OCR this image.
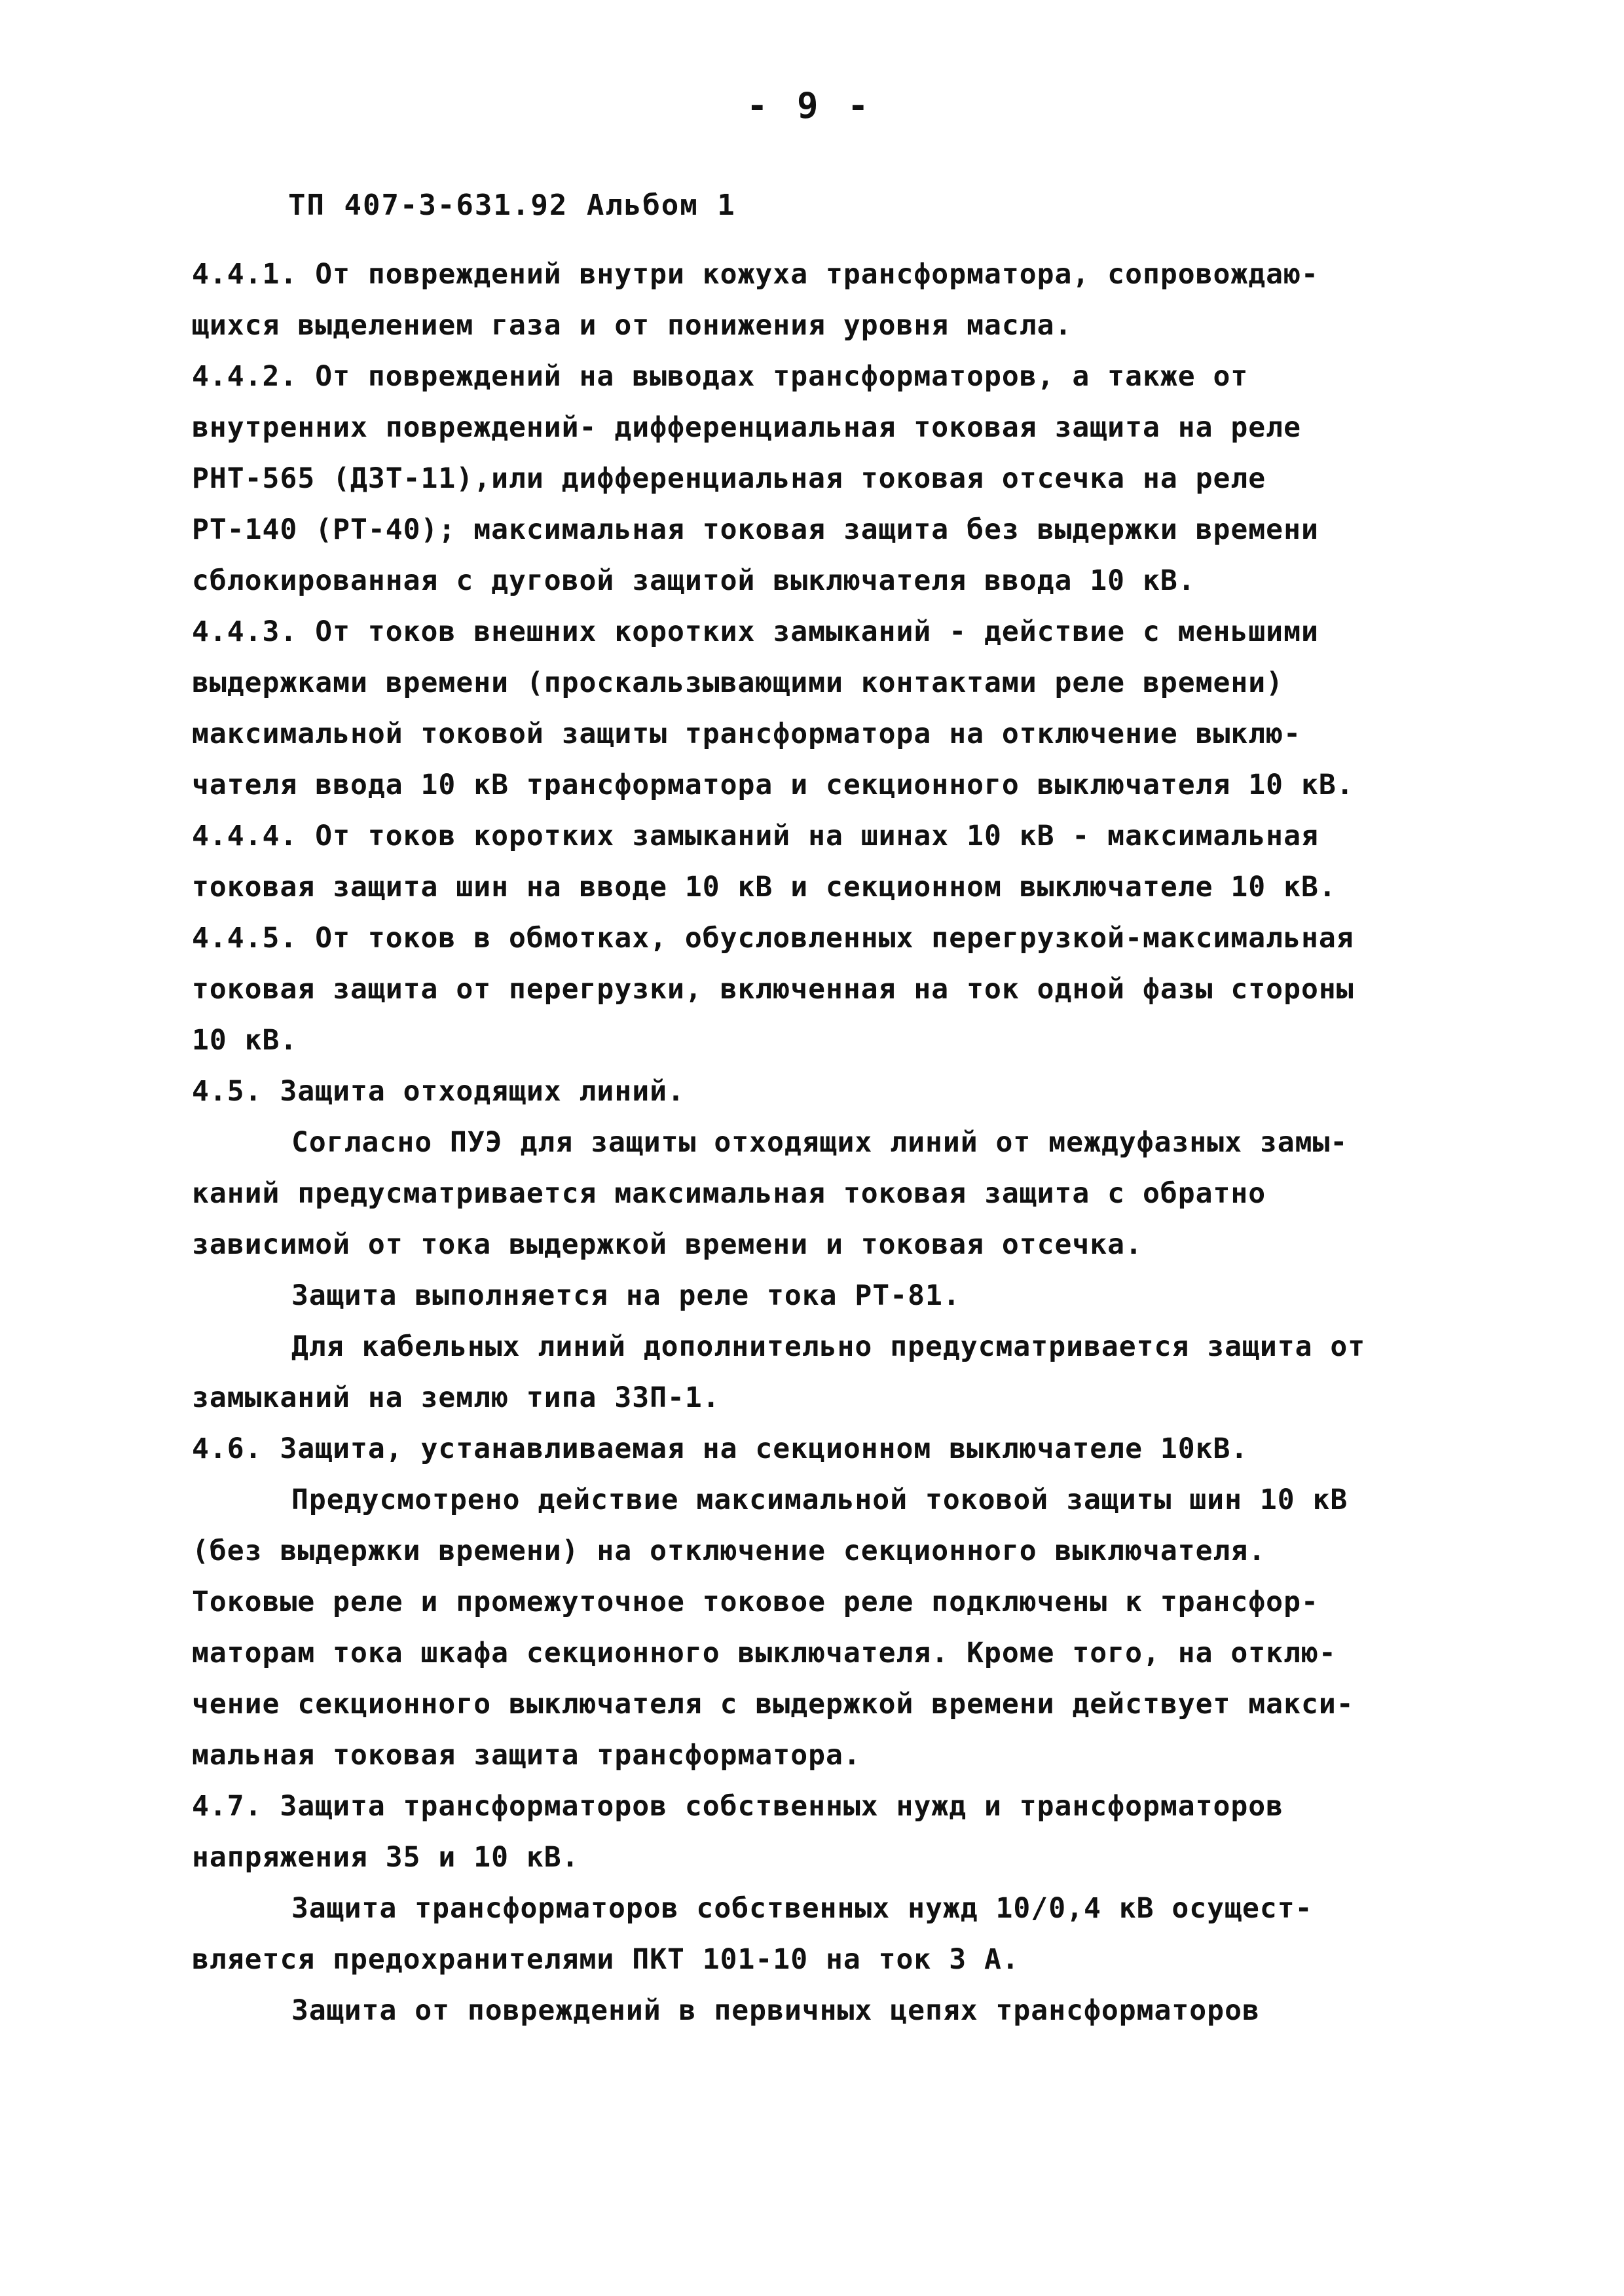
- 9 -
ТП 407-3-631.92 Альбом 1
4.4.1. От повреждений внутри кожуха трансформатора, сопровождаю-
щихся выделением газа и от понижения уровня масла.
4.4.2. От повреждений на выводах трансформаторов, а также от
внутренних повреждений- дифференциальная токовая защита на реле
РНТ-565 (ДЗТ-11),или дифференциальная токовая отсечка на реле
РТ-140 (РТ-40); максимальная токовая защита без выдержки времени
сблокированная с дуговой защитой выключателя ввода 10 кВ.
4.4.3. От токов внешних коротких замыканий - действие с меньшими
выдержками времени (проскальзывающими контактами реле времени)
максимальной токовой защиты трансформатора на отключение выклю-
чателя ввода 10 кВ трансформатора и секционного выключателя 10 кВ.
4.4.4. От токов коротких замыканий на шинах 10 кВ - максимальная
токовая защита шин на вводе 10 кВ и секционном выключателе 10 кВ.
4.4.5. От токов в обмотках, обусловленных перегрузкой-максимальная
токовая защита от перегрузки, включенная на ток одной фазы стороны
10 кВ.
4.5. Защита отходящих линий.
Согласно ПУЭ для защиты отходящих линий от междуфазных замы-
каний предусматривается максимальная токовая защита с обратно
зависимой от тока выдержкой времени и токовая отсечка.
Защита выполняется на реле тока РТ-81.
Для кабельных линий дополнительно предусматривается защита от
замыканий на землю типа ЗЗП-1.
4.6. Защита, устанавливаемая на секционном выключателе 10кВ.
Предусмотрено действие максимальной токовой защиты шин 10 кВ
(без выдержки времени) на отключение секционного выключателя.
Токовые реле и промежуточное токовое реле подключены к трансфор-
маторам тока шкафа секционного выключателя. Кроме того, на отклю-
чение секционного выключателя с выдержкой времени действует макси-
мальная токовая защита трансформатора.
4.7. Защита трансформаторов собственных нужд и трансформаторов
напряжения 35 и 10 кВ.
Защита трансформаторов собственных нужд 10/0,4 кВ осущест-
вляется предохранителями ПКТ 101-10 на ток 3 А.
Защита от повреждений в первичных цепях трансформаторов
